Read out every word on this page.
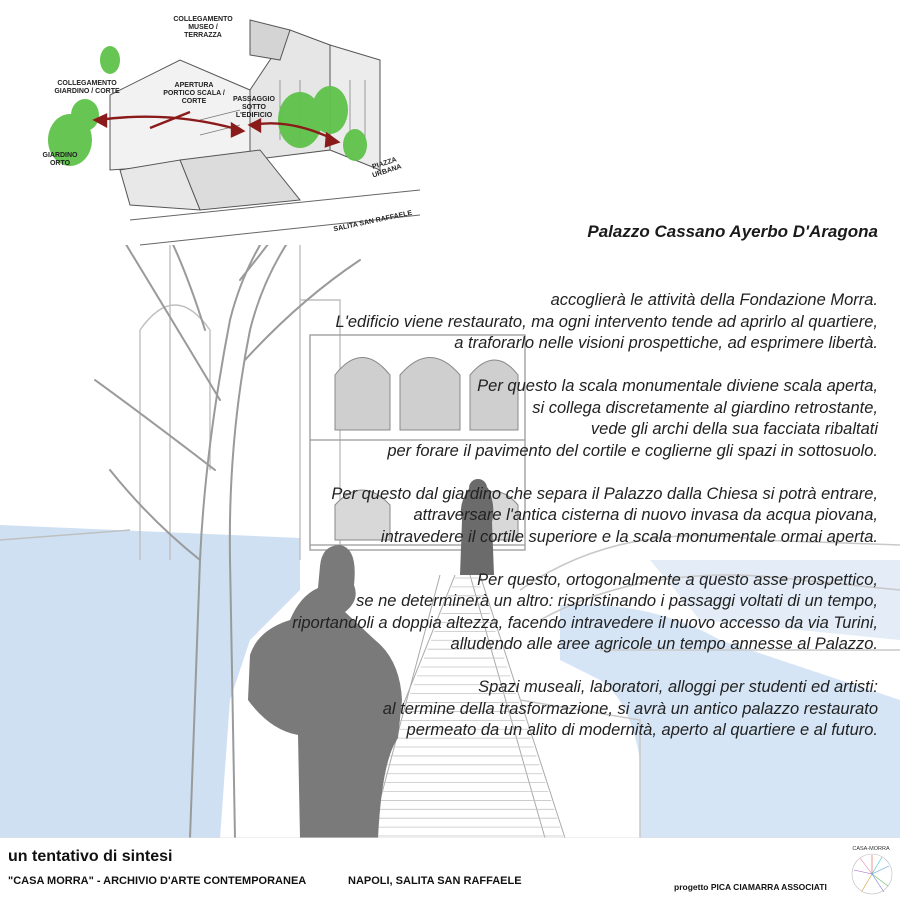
COLLEGAMENTO MUSEO / TERRAZZA
COLLEGAMENTO GIARDINO / CORTE
APERTURA PORTICO SCALA / CORTE	PASSAGGIO SOTTO L'EDIFICIO
GIARDINO ORTO	PIAZZA URBANA
SALITA SAN RAFFAELE	Palazzo Cassano Ayerbo D'Aragona
accoglierà le attività della Fondazione Morra.
L'edificio viene restaurato, ma ogni intervento tende ad aprirlo al quartiere,
a traforarlo nelle visioni prospettiche, ad esprimere libertà.
Per questo la scala monumentale diviene scala aperta,
si collega discretamente al giardino retrostante,
vede gli archi della sua facciata ribaltati
per forare il pavimento del cortile e coglierne gli spazi in sottosuolo.
Per questo dal giardino che separa il Palazzo dalla Chiesa si potrà entrare,
attraversare l'antica cisterna di nuovo invasa da acqua piovana,
intravedere il cortile superiore e la scala monumentale ormai aperta.
Per questo, ortogonalmente a questo asse prospettico,
se ne determinerà un altro: rispristinando i passaggi voltati di un tempo,
riportandoli a doppia altezza, facendo intravedere il nuovo accesso da via Turini,
alludendo alle aree agricole un tempo annesse al Palazzo.
Spazi museali, laboratori, alloggi per studenti ed artisti:
al termine della trasformazione, si avrà un antico palazzo restaurato
permeato da un alito di modernità, aperto al quartiere e al futuro.
un tentativo di sintesi
"CASA MORRA" - ARCHIVIO D'ARTE CONTEMPORANEA	NAPOLI, SALITA SAN RAFFAELE	progetto PICA CIAMARRA ASSOCIATI
CASA-MORRA
